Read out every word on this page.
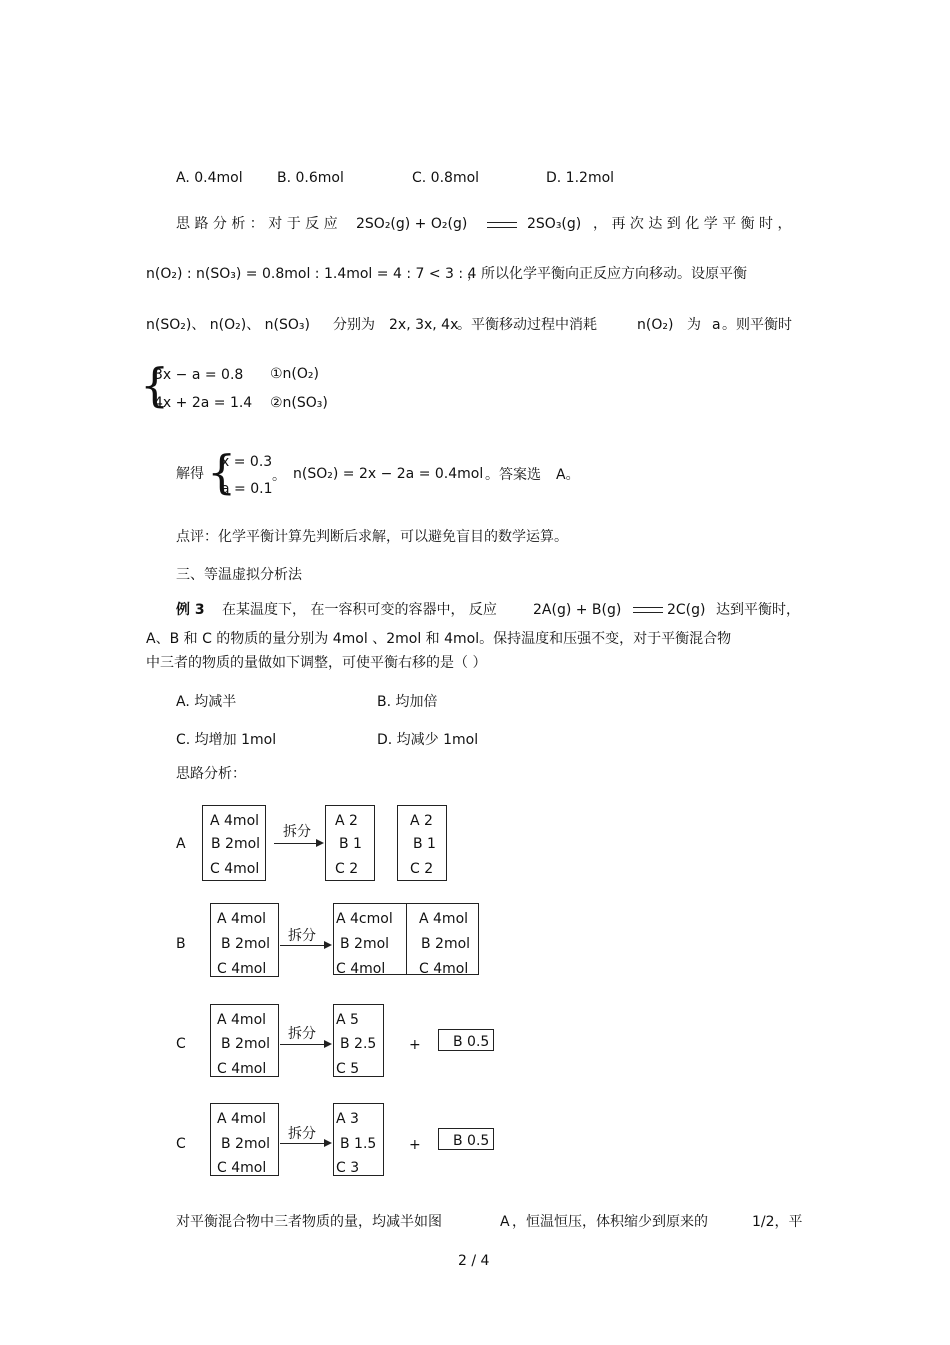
A. 0.4mol B. 0.6mol	C. 0.8mol	D. 1.2mol
思 路 分 析 ： 对 于 反 应 2SO₂(g) + O₂(g)	2SO₃(g) ， 再 次 达 到 化 学 平 衡 时 ，
n(O₂) : n(SO₃) = 0.8mol : 1.4mol = 4 : 7 < 3 : 4
，所以化学平衡向正反应方向移动。设原平衡
n(SO₂)、 n(O₂)、 n(SO₃) 分别为 2x, 3x, 4x
。平衡移动过程中消耗	n(O₂) 为 a 。则平衡时
{
3x − a = 0.8 ①n(O₂)
4x + 2a = 1.4 ②n(SO₃)
解得 {
x = 0.3
a = 0.1
。 n(SO₂) = 2x − 2a = 0.4mol 。答案选 A。
点评：化学平衡计算先判断后求解，可以避免盲目的数学运算。
三、等温虚拟分析法
例 3 在某温度下， 在一容积可变的容器中， 反应	2A(g) + B(g)	2C(g) 达到平衡时，
A、B 和 C 的物质的量分别为 4mol 、2mol 和 4mol。保持温度和压强不变，对于平衡混合物
中三者的物质的量做如下调整，可使平衡右移的是（ ）
A. 均减半	B. 均加倍
C. 均增加 1mol	D. 均减少 1mol
思路分析：
A
A 4mol
B 2mol
C 4mol
拆分
A 2
B 1
C 2
A 2
B 1
C 2
B
A 4mol
B 2mol
C 4mol
拆分
A 4cmol
B 2mol
C 4mol
A 4mol
B 2mol
C 4mol
C
A 4mol
B 2mol
C 4mol
拆分
A 5
B 2.5
C 5
+ B 0.5
C
A 4mol
B 2mol
C 4mol
拆分
A 3
B 1.5
C 3
+ B 0.5
对平衡混合物中三者物质的量，均减半如图	A ，恒温恒压，体积缩少到原来的	1/2，平
2 / 4
